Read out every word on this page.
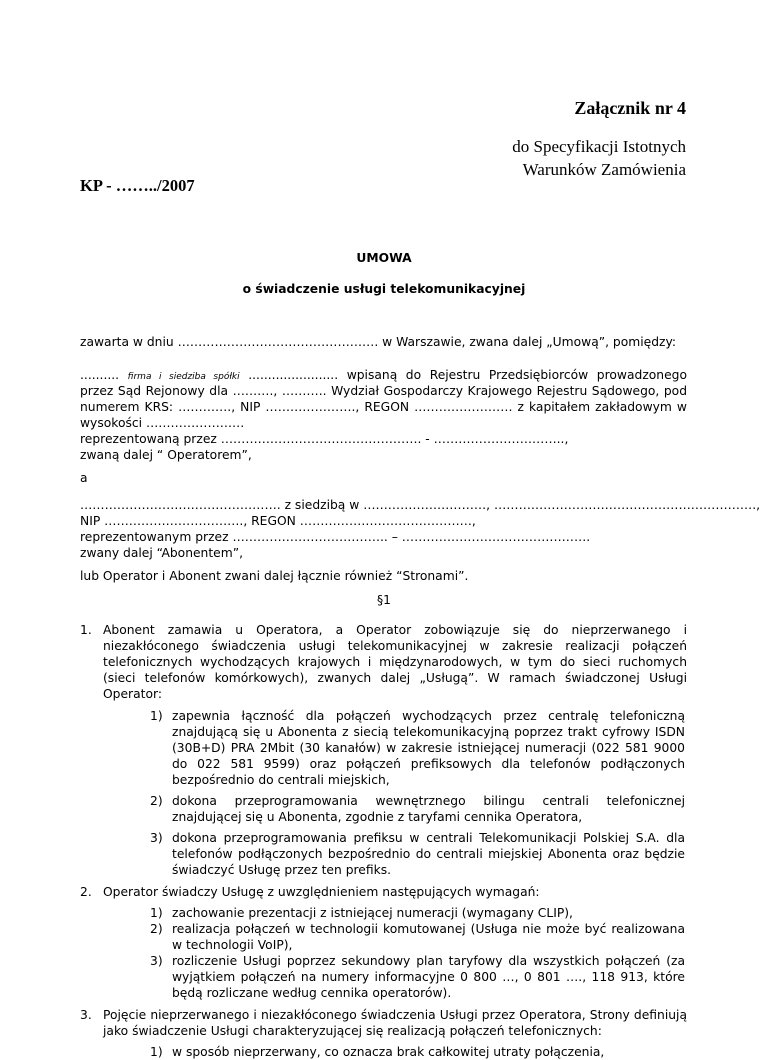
Załącznik nr 4
do Specyfikacji Istotnych
Warunków Zamówienia
KP - ……../2007
UMOWA
o świadczenie usługi telekomunikacyjnej
zawarta w dniu …………………………………………. w Warszawie, zwana dalej „Umową”, pomiędzy:
.......... firma i siedziba spółki ....................... wpisaną do Rejestru Przedsiębiorców prowadzonego
przez Sąd Rejonowy dla ………., ……….. Wydział Gospodarczy Krajowego Rejestru Sądowego, pod
numerem KRS: …………., NIP …………………., REGON …………………… z kapitałem zakładowym w
wysokości ……………………
reprezentowaną przez …………………………………………. - …………………………..,
zwaną dalej “ Operatorem”,
a
…………………………………………. z siedzibą w …………………………, ……………………………………………………….,
NIP ……………………………., REGON ……………………………………,
reprezentowanym przez ……………………………….. – ……………………………………….
zwany dalej “Abonentem”,
lub Operator i Abonent zwani dalej łącznie również “Stronami”.
§1
1. Abonent zamawia u Operatora, a Operator zobowiązuje się do nieprzerwanego i niezakłóconego świadczenia usługi telekomunikacyjnej w zakresie realizacji połączeń telefonicznych wychodzących krajowych i międzynarodowych, w tym do sieci ruchomych (sieci telefonów komórkowych), zwanych dalej „Usługą”. W ramach świadczonej Usługi Operator:
1) zapewnia łączność dla połączeń wychodzących przez centralę telefoniczną znajdującą się u Abonenta z siecią telekomunikacyjną poprzez trakt cyfrowy ISDN (30B+D) PRA 2Mbit (30 kanałów) w zakresie istniejącej numeracji (022 581 9000 do 022 581 9599) oraz połączeń prefiksowych dla telefonów podłączonych bezpośrednio do centrali miejskich,
2) dokona przeprogramowania wewnętrznego bilingu centrali telefonicznej znajdującej się u Abonenta, zgodnie z taryfami cennika Operatora,
3) dokona przeprogramowania prefiksu w centrali Telekomunikacji Polskiej S.A. dla telefonów podłączonych bezpośrednio do centrali miejskiej Abonenta oraz będzie świadczyć Usługę przez ten prefiks.
2. Operator świadczy Usługę z uwzględnieniem następujących wymagań:
1) zachowanie prezentacji z istniejącej numeracji (wymagany CLIP),
2) realizacja połączeń w technologii komutowanej (Usługa nie może być realizowana w technologii VoIP),
3) rozliczenie Usługi poprzez sekundowy plan taryfowy dla wszystkich połączeń (za wyjątkiem połączeń na numery informacyjne 0 800 …, 0 801 …., 118 913, które będą rozliczane według cennika operatorów).
3. Pojęcie nieprzerwanego i niezakłóconego świadczenia Usługi przez Operatora, Strony definiują jako świadczenie Usługi charakteryzującej się realizacją połączeń telefonicznych:
1) w sposób nieprzerwany, co oznacza brak całkowitej utraty połączenia,
